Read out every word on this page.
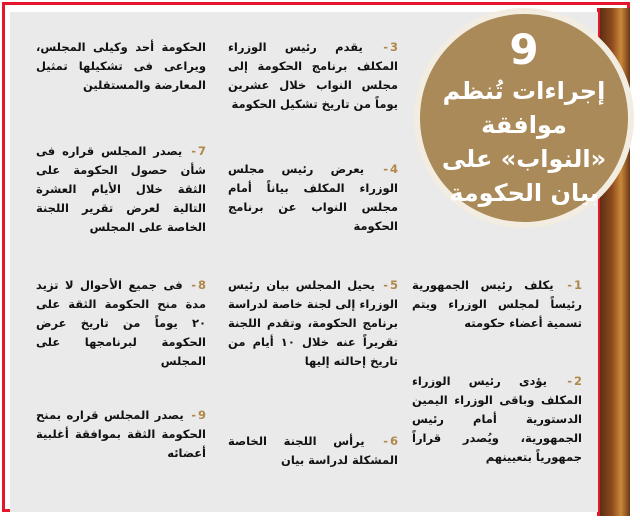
9
إجراءات تُنظم موافقة «النواب» على بيان الحكومة
1- يكلف رئيس الجمهورية رئيساً لمجلس الوزراء ويتم تسمية أعضاء حكومته
2- يؤدى رئيس الوزراء المكلف وباقى الوزراء اليمين الدستورية أمام رئيس الجمهورية، ويُصدر قراراً جمهورياً بتعيينهم
3- يقدم رئيس الوزراء المكلف برنامج الحكومة إلى مجلس النواب خلال عشرين يوماً من تاريخ تشكيل الحكومة
4- يعرض رئيس مجلس الوزراء المكلف بياناً أمام مجلس النواب عن برنامج الحكومة
5- يحيل المجلس بيان رئيس الوزراء إلى لجنة خاصة لدراسة برنامج الحكومة، وتقدم اللجنة تقريراً عنه خلال ١٠ أيام من تاريخ إحالته إليها
6- يرأس اللجنة الخاصة المشكلة لدراسة بيان
الحكومة أحد وكيلى المجلس، ويراعى فى تشكيلها تمثيل المعارضة والمستقلين
7- يصدر المجلس قراره فى شأن حصول الحكومة على الثقة خلال الأيام العشرة التالية لعرض تقرير اللجنة الخاصة على المجلس
8- فى جميع الأحوال لا تزيد مدة منح الحكومة الثقة على ٢٠ يوماً من تاريخ عرض الحكومة لبرنامجها على المجلس
9- يصدر المجلس قراره بمنح الحكومة الثقة بموافقة أغلبية أعضائه
